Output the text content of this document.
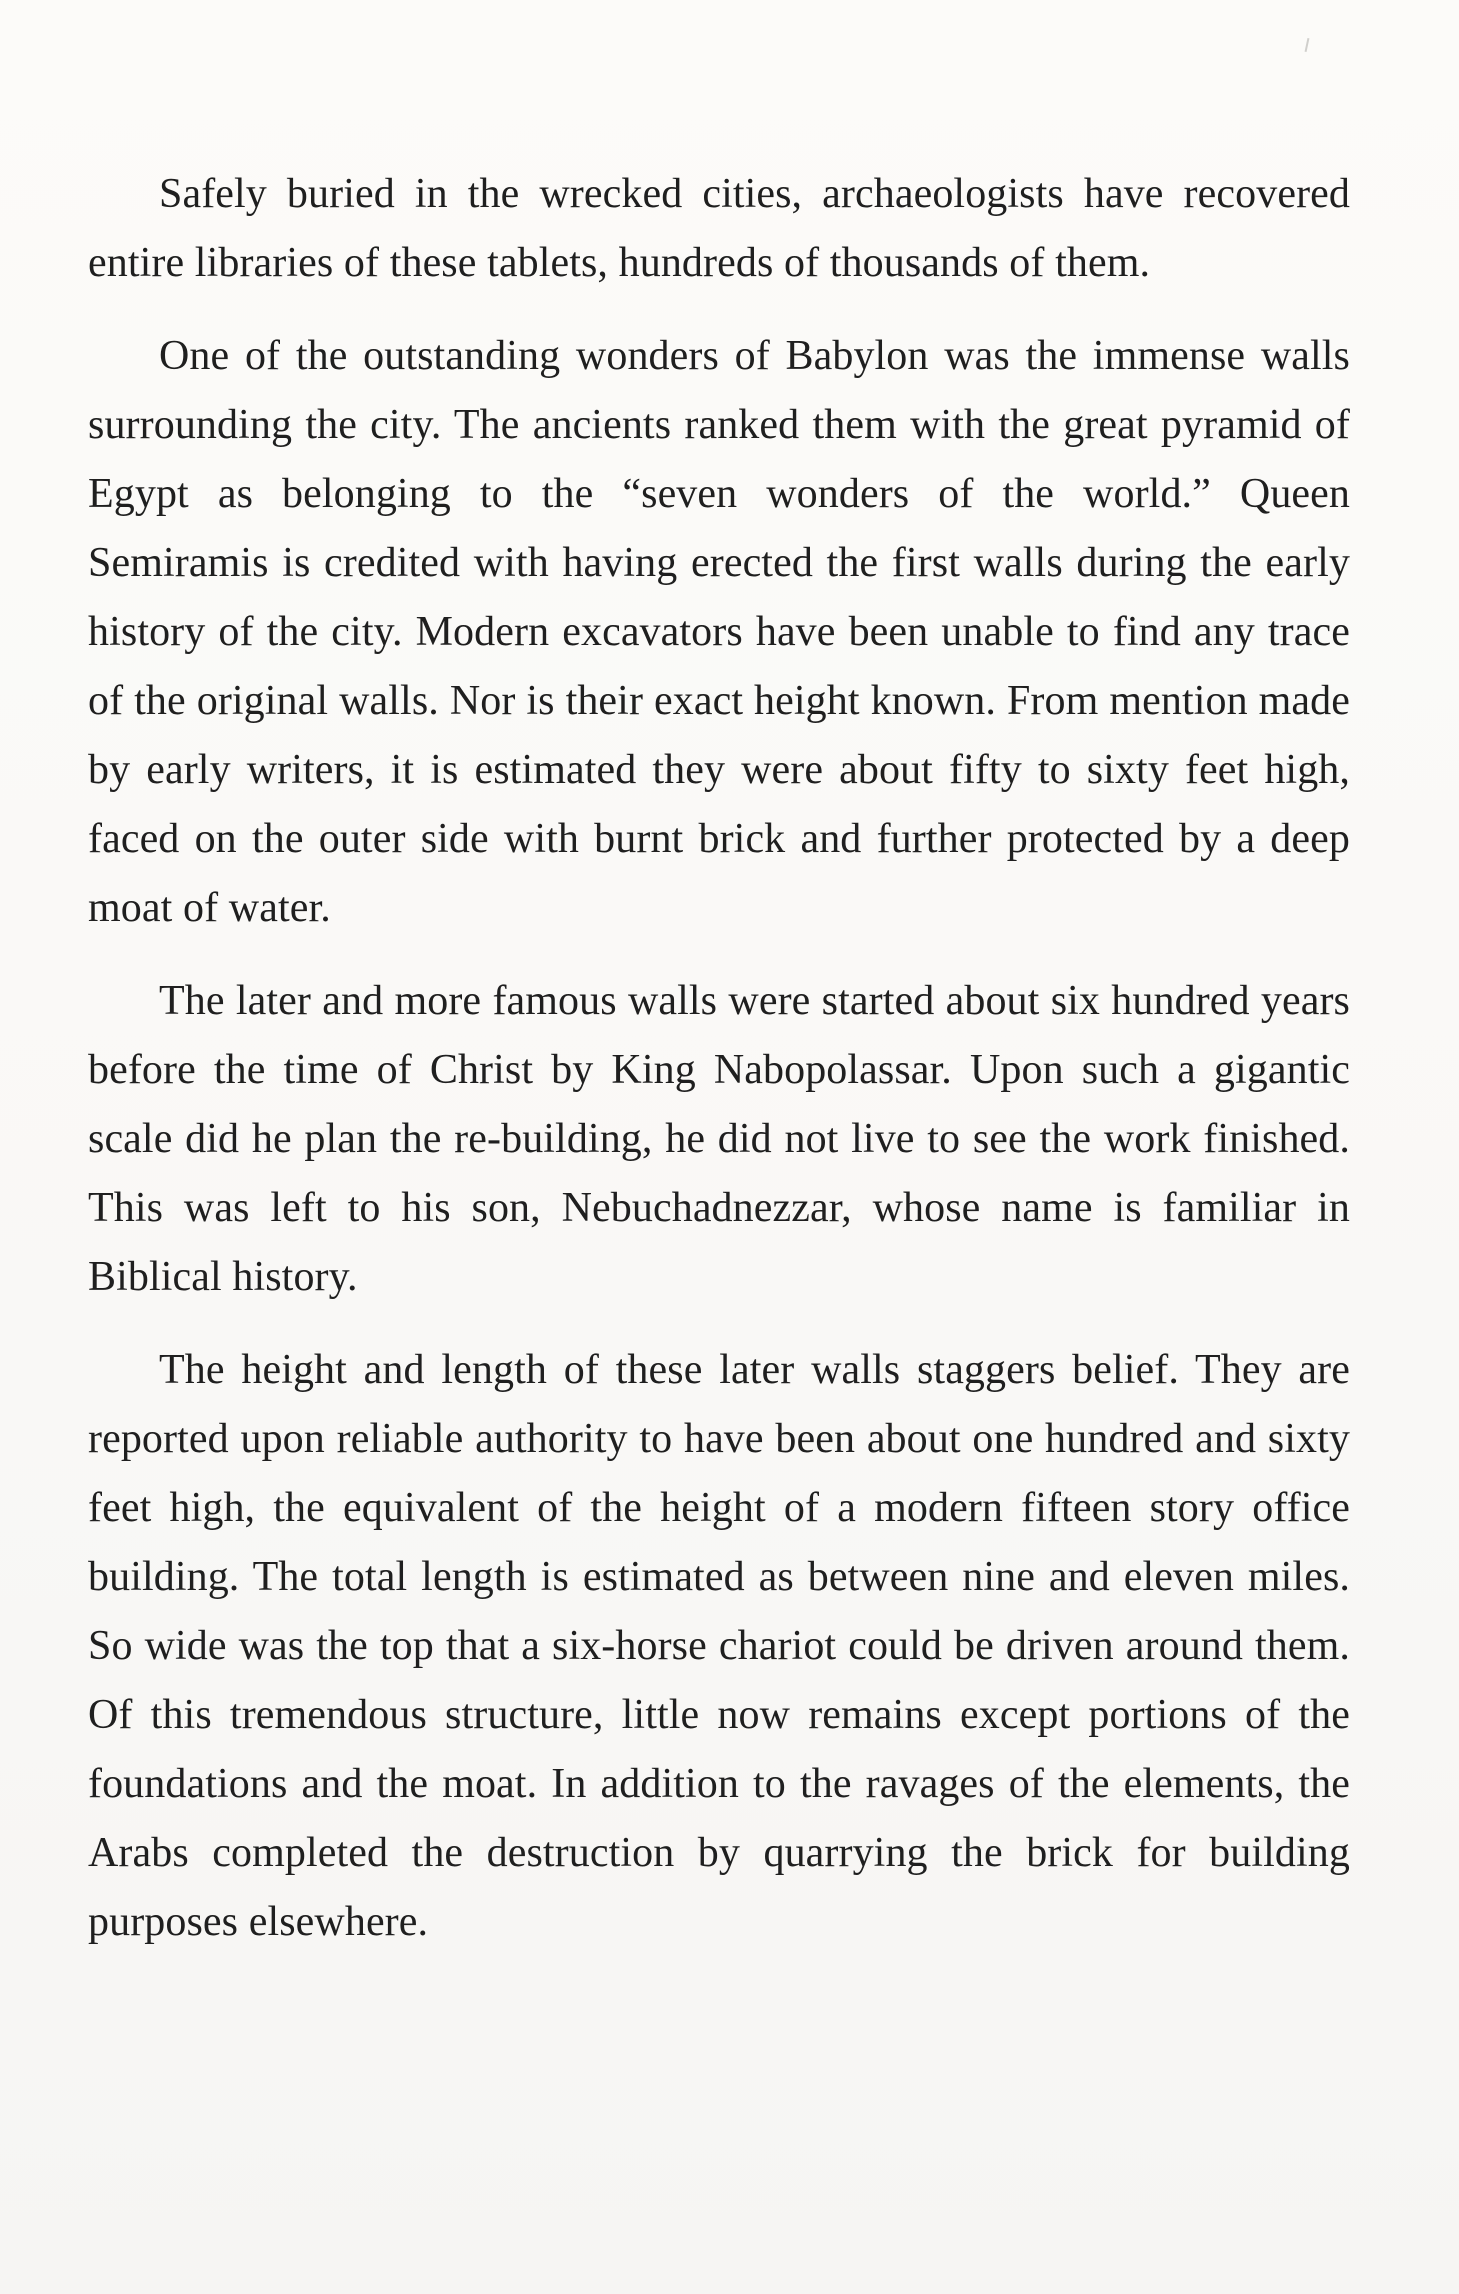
Safely buried in the wrecked cities, archaeologists have recovered entire libraries of these tablets, hundreds of thousands of them.

One of the outstanding wonders of Babylon was the immense walls surrounding the city. The ancients ranked them with the great pyramid of Egypt as belonging to the “seven wonders of the world.” Queen Semiramis is credited with having erected the first walls during the early history of the city. Modern excavators have been unable to find any trace of the original walls. Nor is their exact height known. From mention made by early writers, it is estimated they were about fifty to sixty feet high, faced on the outer side with burnt brick and further protected by a deep moat of water.

The later and more famous walls were started about six hundred years before the time of Christ by King Nabopolassar. Upon such a gigantic scale did he plan the re-building, he did not live to see the work finished. This was left to his son, Nebuchadnezzar, whose name is familiar in Biblical history.

The height and length of these later walls staggers belief. They are reported upon reliable authority to have been about one hundred and sixty feet high, the equivalent of the height of a modern fifteen story office building. The total length is estimated as between nine and eleven miles. So wide was the top that a six-horse chariot could be driven around them. Of this tremendous structure, little now remains except portions of the foundations and the moat. In addition to the ravages of the elements, the Arabs completed the destruction by quarrying the brick for building purposes elsewhere.
